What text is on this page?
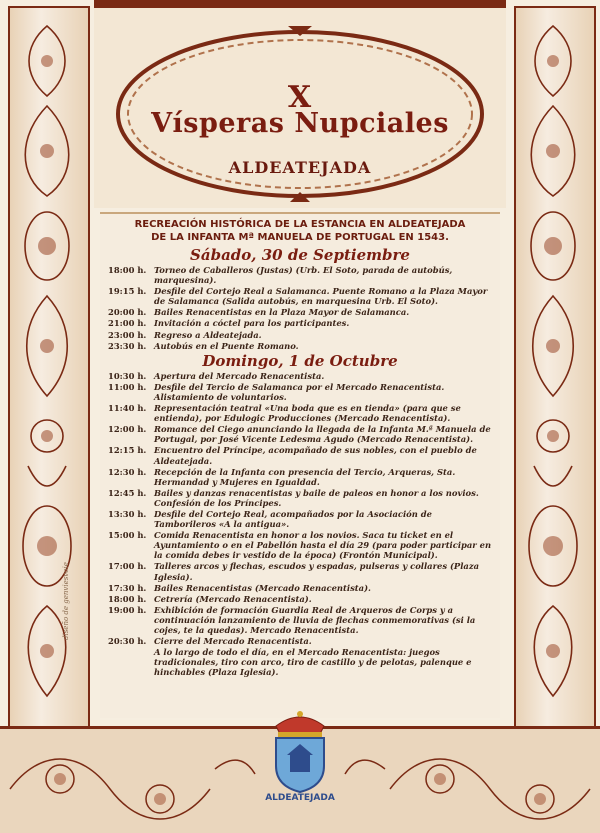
X
Vísperas Nupciales
ALDEATEJADA
RECREACIÓN HISTÓRICA DE LA ESTANCIA EN ALDEATEJADA
DE LA INFANTA Mª MANUELA DE PORTUGAL EN 1543.
Sábado, 30 de Septiembre
18:00 h. Torneo de Caballeros (Justas) (Urb. El Soto, parada de autobús, marquesina).
19:15 h. Desfile del Cortejo Real a Salamanca. Puente Romano a la Plaza Mayor de Salamanca (Salida autobús, en marquesina Urb. El Soto).
20:00 h. Bailes Renacentistas en la Plaza Mayor de Salamanca.
21:00 h. Invitación a cóctel para los participantes.
23:00 h. Regreso a Aldeatejada.
23:30 h. Autobús en el Puente Romano.
Domingo, 1 de Octubre
10:30 h. Apertura del Mercado Renacentista.
11:00 h. Desfile del Tercio de Salamanca por el Mercado Renacentista. Alistamiento de voluntarios.
11:40 h. Representación teatral «Una boda que es en tienda» (para que se entienda), por Edulogic Producciones (Mercado Renacentista).
12:00 h. Romance del Ciego anunciando la llegada de la Infanta M.ª Manuela de Portugal, por José Vicente Ledesma Agudo (Mercado Renacentista).
12:15 h. Encuentro del Príncipe, acompañado de sus nobles, con el pueblo de Aldeatejada.
12:30 h. Recepción de la Infanta con presencia del Tercio, Arqueras, Sta. Hermandad y Mujeres en Igualdad.
12:45 h. Bailes y danzas renacentistas y baile de paleos en honor a los novios. Confesión de los Príncipes.
13:30 h. Desfile del Cortejo Real, acompañados por la Asociación de Tamborileros «A la antigua».
15:00 h. Comida Renacentista en honor a los novios. Saca tu ticket en el Ayuntamiento o en el Pabellón hasta el día 29 (para poder participar en la comida debes ir vestido de la época) (Frontón Municipal).
17:00 h. Talleres arcos y flechas, escudos y espadas, pulseras y collares (Plaza Iglesia).
17:30 h. Bailes Renacentistas (Mercado Renacentista).
18:00 h. Cetrería (Mercado Renacentista).
19:00 h. Exhibición de formación Guardia Real de Arqueros de Corps y a continuación lanzamiento de lluvia de flechas conmemorativas (si la cojes, te la quedas). Mercado Renacentista.
20:30 h. Cierre del Mercado Renacentista.
A lo largo de todo el día, en el Mercado Renacentista: juegos tradicionales, tiro con arco, tiro de castillo y de pelotas, palenque e hinchables (Plaza Iglesia).
diseño de genviesvoie
ALDEATEJADA
